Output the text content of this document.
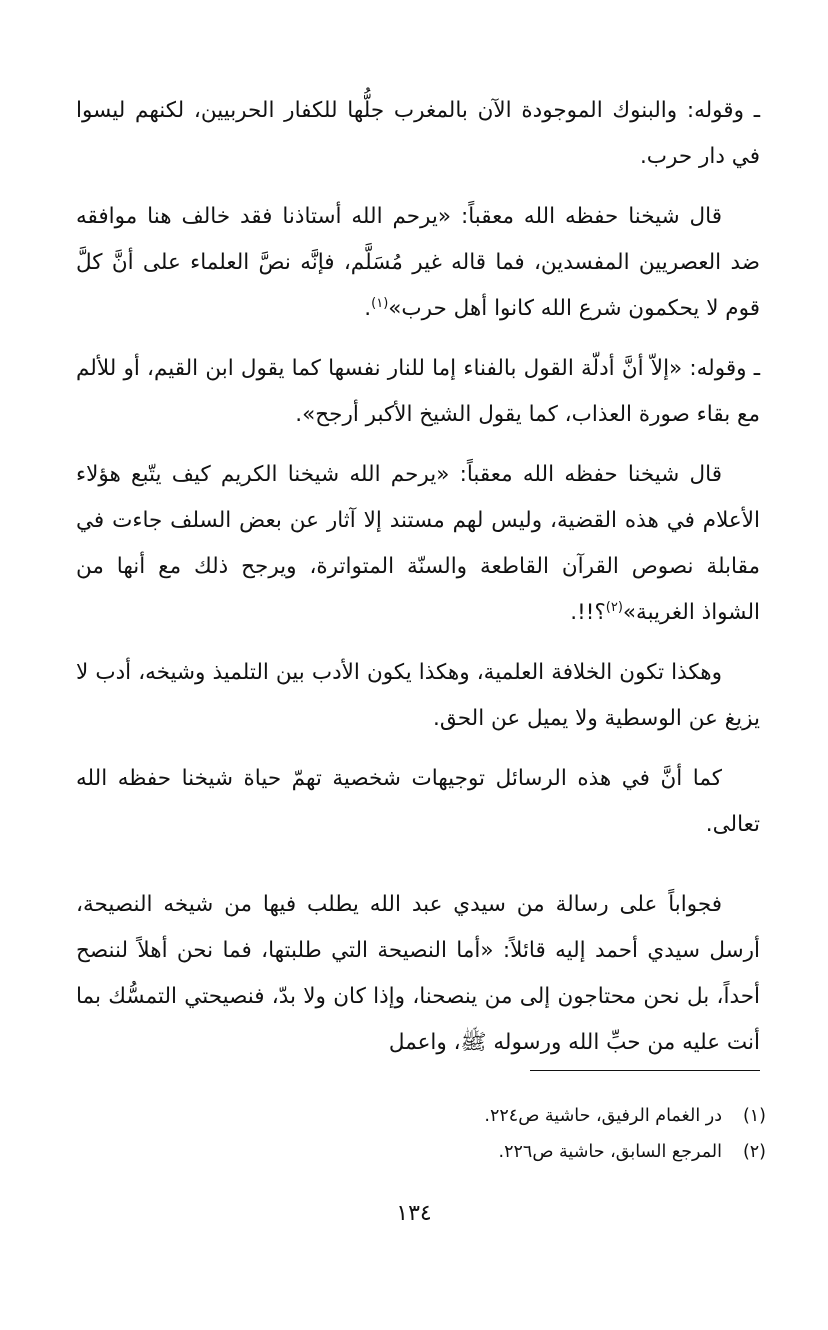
ـ وقوله: والبنوك الموجودة الآن بالمغرب جلُّها للكفار الحربيين، لكنهم ليسوا في دار حرب.

قال شيخنا حفظه الله معقباً: «يرحم الله أستاذنا فقد خالف هنا موافقه ضد العصريين المفسدين، فما قاله غير مُسَلَّم، فإنَّه نصَّ العلماء على أنَّ كلَّ قوم لا يحكمون شرع الله كانوا أهل حرب»$^{(١)}$.

ـ وقوله: «إلاّ أنَّ أدلّة القول بالفناء إما للنار نفسها كما يقول ابن القيم، أو للألم مع بقاء صورة العذاب، كما يقول الشيخ الأكبر أرجح».

قال شيخنا حفظه الله معقباً: «يرحم الله شيخنا الكريم كيف يتّبع هؤلاء الأعلام في هذه القضية، وليس لهم مستند إلا آثار عن بعض السلف جاءت في مقابلة نصوص القرآن القاطعة والسنّة المتواترة، ويرجح ذلك مع أنها من الشواذ الغريبة»$^{(٢)}$؟!!.

وهكذا تكون الخلافة العلمية، وهكذا يكون الأدب بين التلميذ وشيخه، أدب لا يزيغ عن الوسطية ولا يميل عن الحق.

كما أنَّ في هذه الرسائل توجيهات شخصية تهمّ حياة شيخنا حفظه الله تعالى.

فجواباً على رسالة من سيدي عبد الله يطلب فيها من شيخه النصيحة، أرسل سيدي أحمد إليه قائلاً: «أما النصيحة التي طلبتها، فما نحن أهلاً لننصح أحداً، بل نحن محتاجون إلى من ينصحنا، وإذا كان ولا بدّ، فنصيحتي التمسُّك بما أنت عليه من حبِّ الله ورسوله ﷺ، واعمل

(١)در الغمام الرفيق، حاشية ص٢٢٤.
(٢)المرجع السابق، حاشية ص٢٢٦.
١٣٤
